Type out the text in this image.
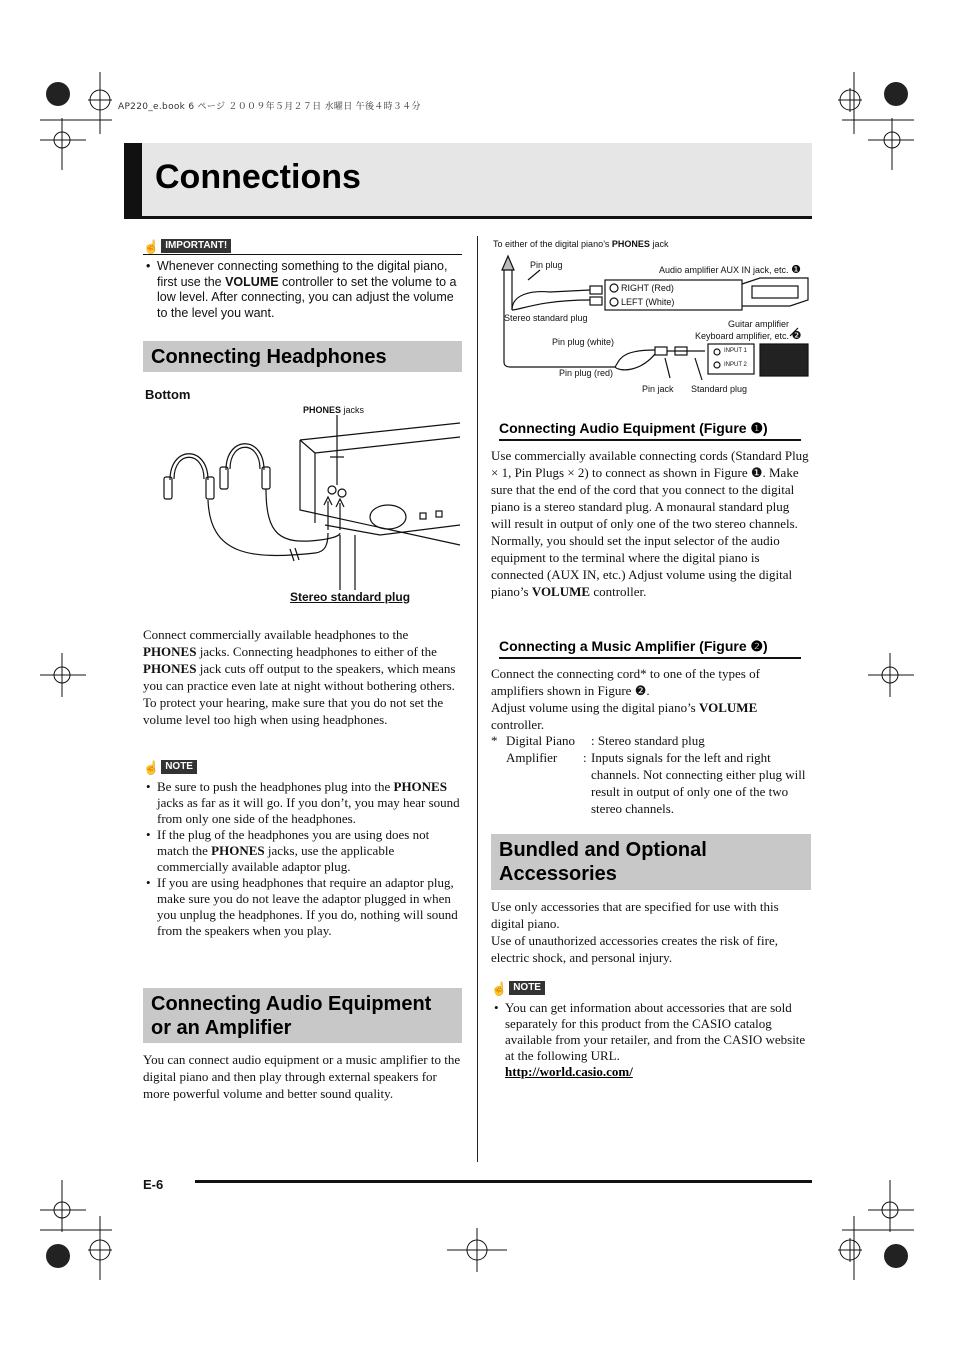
AP220_e.book 6 ページ ２００９年５月２７日 水曜日 午後４時３４分
Connections
☝ IMPORTANT!
• Whenever connecting something to the digital piano, first use the VOLUME controller to set the volume to a low level. After connecting, you can adjust the volume to the level you want.
Connecting Headphones
Bottom
PHONES jacks
Stereo standard plug
Connect commercially available headphones to the PHONES jacks. Connecting headphones to either of the PHONES jack cuts off output to the speakers, which means you can practice even late at night without bothering others. To protect your hearing, make sure that you do not set the volume level too high when using headphones.
☝ NOTE
• Be sure to push the headphones plug into the PHONES jacks as far as it will go. If you don’t, you may hear sound from only one side of the headphones.
• If the plug of the headphones you are using does not match the PHONES jacks, use the applicable commercially available adaptor plug.
• If you are using headphones that require an adaptor plug, make sure you do not leave the adaptor plugged in when you unplug the headphones. If you do, nothing will sound from the speakers when you play.
Connecting Audio Equipment
or an Amplifier
You can connect audio equipment or a music amplifier to the digital piano and then play through external speakers for more powerful volume and better sound quality.
To either of the digital piano’s PHONES jack
Pin plug	Audio amplifier AUX IN jack, etc. ❶
RIGHT (Red)
LEFT (White)
Stereo standard plug
Guitar amplifier
Keyboard amplifier, etc. ❷
Pin plug (white)
INPUT 1
INPUT 2
Pin plug (red)
Pin jack Standard plug
Connecting Audio Equipment (Figure ❶)
Use commercially available connecting cords (Standard Plug × 1, Pin Plugs × 2) to connect as shown in Figure ❶. Make sure that the end of the cord that you connect to the digital piano is a stereo standard plug. A monaural standard plug will result in output of only one of the two stereo channels. Normally, you should set the input selector of the audio equipment to the terminal where the digital piano is connected (AUX IN, etc.) Adjust volume using the digital piano’s VOLUME controller.
Connecting a Music Amplifier (Figure ❷)
Connect the connecting cord* to one of the types of amplifiers shown in Figure ❷.
Adjust volume using the digital piano’s VOLUME controller.
* Digital Piano	: Stereo standard plug
Amplifier	: Inputs signals for the left and right channels. Not connecting either plug will result in output of only one of the two stereo channels.
Bundled and Optional
Accessories
Use only accessories that are specified for use with this digital piano.
Use of unauthorized accessories creates the risk of fire, electric shock, and personal injury.
☝ NOTE
• You can get information about accessories that are sold separately for this product from the CASIO catalog available from your retailer, and from the CASIO website at the following URL.
http://world.casio.com/
E-6
